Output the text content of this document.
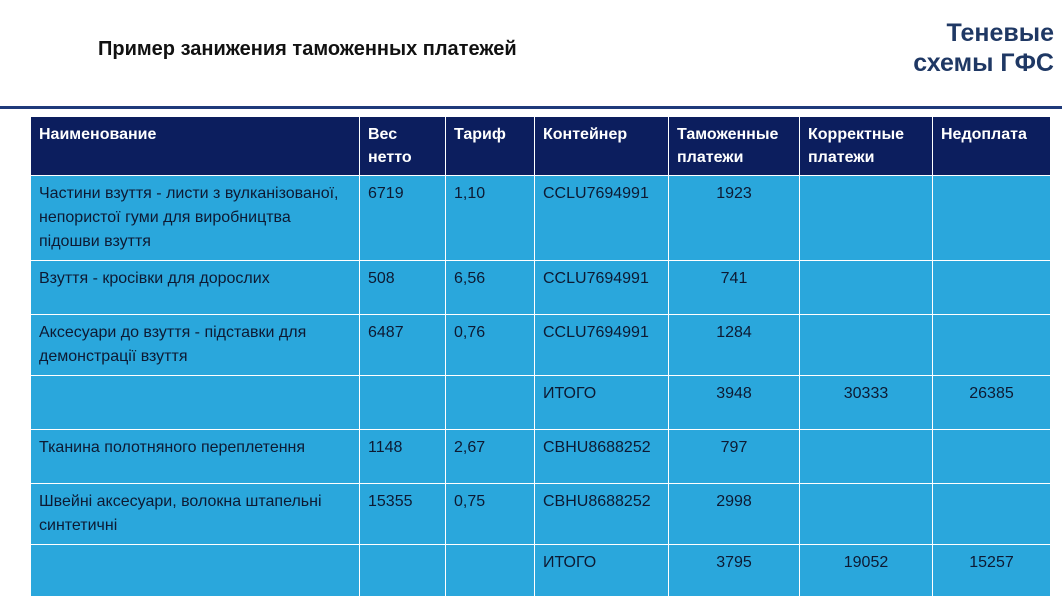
Пример занижения таможенных платежей
Теневые
схемы ГФС
Наименование	Вес нетто	Тариф	Контейнер	Таможенные платежи	Корректные платежи	Недоплата
Частини взуття - листи з вулканізованої, непористої гуми для виробництва підошви взуття	6719	1,10	CCLU7694991	1923		
Взуття - кросівки для дорослих	508	6,56	CCLU7694991	741		
Аксесуари до взуття - підставки для демонстрації взуття	6487	0,76	CCLU7694991	1284		
			ИТОГО	3948	30333	26385
Тканина полотняного переплетення	1148	2,67	CBHU8688252	797		
Швейні аксесуари, волокна штапельні синтетичні	15355	0,75	CBHU8688252	2998		
			ИТОГО	3795	19052	15257
